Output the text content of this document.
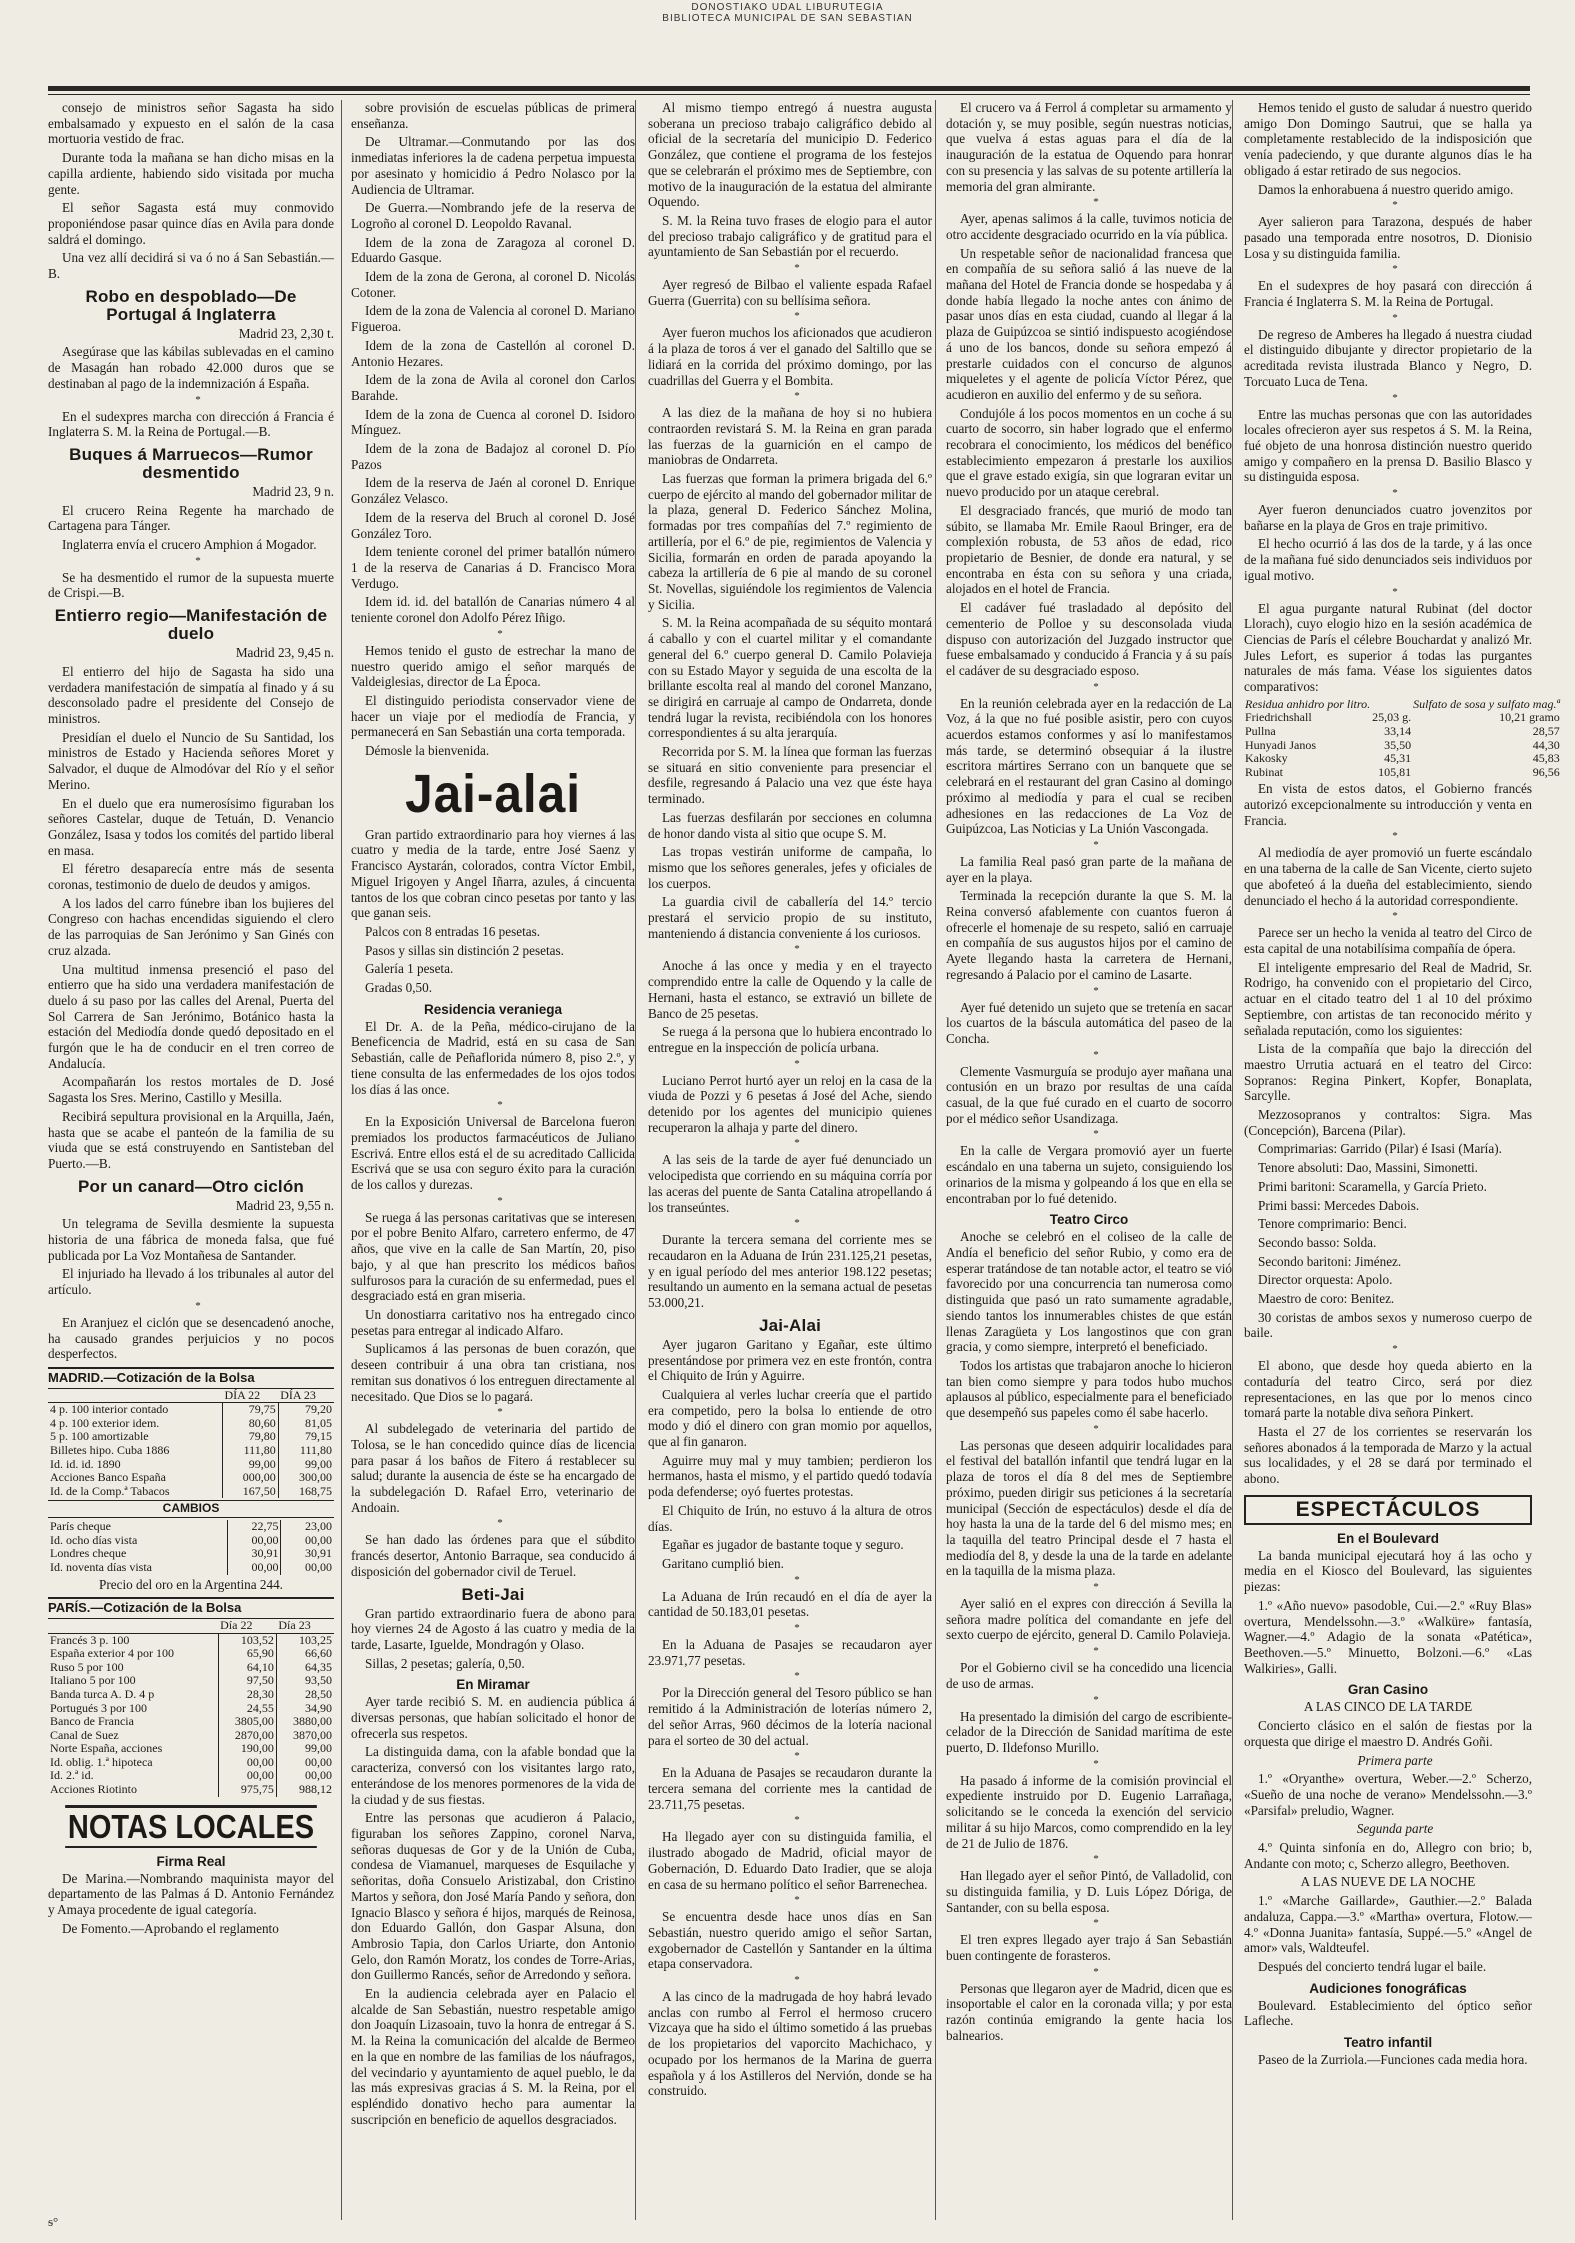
DONOSTIAKO UDAL LIBURUTEGIA
BIBLIOTECA MUNICIPAL DE SAN SEBASTIAN

consejo de ministros señor Sagasta ha sido embalsamado y expuesto en el salón de la casa mortuoria vestido de frac.

Durante toda la mañana se han dicho misas en la capilla ardiente, habiendo sido visitada por mucha gente.

El señor Sagasta está muy conmovido proponiéndose pasar quince días en Avila para donde saldrá el domingo.

Una vez allí decidirá si va ó no á San Sebastián.—B.

Robo en despoblado—De Portugal á Inglaterra

Madrid 23, 2,30 t.

Asegúrase que las kábilas sublevadas en el camino de Masagán han robado 42.000 duros que se destinaban al pago de la indemnización á España.

*

En el sudexpres marcha con dirección á Francia é Inglaterra S. M. la Reina de Portugal.—B.

Buques á Marruecos—Rumor desmentido

Madrid 23, 9 n.

El crucero Reina Regente ha marchado de Cartagena para Tánger.

Inglaterra envía el crucero Amphion á Mogador.

*

Se ha desmentido el rumor de la supuesta muerte de Crispi.—B.

Entierro regio—Manifestación de duelo

Madrid 23, 9,45 n.

El entierro del hijo de Sagasta ha sido una verdadera manifestación de simpatía al finado y á su desconsolado padre el presidente del Consejo de ministros.

Presidían el duelo el Nuncio de Su Santidad, los ministros de Estado y Hacienda señores Moret y Salvador, el duque de Almodóvar del Río y el señor Merino.

En el duelo que era numerosísimo figuraban los señores Castelar, duque de Tetuán, D. Venancio González, Isasa y todos los comités del partido liberal en masa.

El féretro desaparecía entre más de sesenta coronas, testimonio de duelo de deudos y amigos.

A los lados del carro fúnebre iban los bujieres del Congreso con hachas encendidas siguiendo el clero de las parroquias de San Jerónimo y San Ginés con cruz alzada.

Una multitud inmensa presenció el paso del entierro que ha sido una verdadera manifestación de duelo á su paso por las calles del Arenal, Puerta del Sol Carrera de San Jerónimo, Botánico hasta la estación del Mediodía donde quedó depositado en el furgón que le ha de conducir en el tren correo de Andalucía.

Acompañarán los restos mortales de D. José Sagasta los Sres. Merino, Castillo y Mesilla.

Recibirá sepultura provisional en la Arquilla, Jaén, hasta que se acabe el panteón de la familia de su viuda que se está construyendo en Santisteban del Puerto.—B.

Por un canard—Otro ciclón

Madrid 23, 9,55 n.

Un telegrama de Sevilla desmiente la supuesta historia de una fábrica de moneda falsa, que fué publicada por La Voz Montañesa de Santander.

El injuriado ha llevado á los tribunales al autor del artículo.

*

En Aranjuez el ciclón que se desencadenó anoche, ha causado grandes perjuicios y no pocos desperfectos.

MADRID.—Cotización de la Bolsa
	DÍA 22	DÍA 23
4 p. 100 interior contado	79,75	79,20
4 p. 100 exterior idem.	80,60	81,05
5 p. 100 amortizable	79,80	79,15
Billetes hipo. Cuba 1886	111,80	111,80
Id. id. id. 1890	99,00	99,00
Acciones Banco España	000,00	300,00
Id. de la Comp.ª Tabacos	167,50	168,75
CAMBIOS
París cheque	22,75	23,00
Id. ocho días vista	00,00	00,00
Londres cheque	30,91	30,91
Id. noventa días vista	00,00	00,00

Precio del oro en la Argentina 244.

PARÍS.—Cotización de la Bolsa
	Día 22	Día 23
Francés 3 p. 100	103,52	103,25
España exterior 4 por 100	65,90	66,60
Ruso 5 por 100	64,10	64,35
Italiano 5 por 100	97,50	93,50
Banda turca A. D. 4 p	28,30	28,50
Portugués 3 por 100	24,55	34,90
Banco de Francia	3805,00	3880,00
Canal de Suez	2870,00	3870,00
Norte España, acciones	190,00	99,00
Id. oblig. 1.ª hipoteca	00,00	00,00
Id. 2.ª id.	00,00	00,00
Acciones Riotinto	975,75	988,12
NOTAS LOCALES
Firma Real

De Marina.—Nombrando maquinista mayor del departamento de las Palmas á D. Antonio Fernández y Amaya procedente de igual categoría.

De Fomento.—Aprobando el reglamento

sobre provisión de escuelas públicas de primera enseñanza.

De Ultramar.—Conmutando por las dos inmediatas inferiores la de cadena perpetua impuesta por asesinato y homicidio á Pedro Nolasco por la Audiencia de Ultramar.

De Guerra.—Nombrando jefe de la reserva de Logroño al coronel D. Leopoldo Ravanal.

Idem de la zona de Zaragoza al coronel D. Eduardo Gasque.

Idem de la zona de Gerona, al coronel D. Nicolás Cotoner.

Idem de la zona de Valencia al coronel D. Mariano Figueroa.

Idem de la zona de Castellón al coronel D. Antonio Hezares.

Idem de la zona de Avila al coronel don Carlos Barahde.

Idem de la zona de Cuenca al coronel D. Isidoro Mínguez.

Idem de la zona de Badajoz al coronel D. Pío Pazos

Idem de la reserva de Jaén al coronel D. Enrique González Velasco.

Idem de la reserva del Bruch al coronel D. José González Toro.

Idem teniente coronel del primer batallón número 1 de la reserva de Canarias á D. Francisco Mora Verdugo.

Idem id. id. del batallón de Canarias número 4 al teniente coronel don Adolfo Pérez Iñigo.

*

Hemos tenido el gusto de estrechar la mano de nuestro querido amigo el señor marqués de Valdeiglesias, director de La Época.

El distinguido periodista conservador viene de hacer un viaje por el mediodía de Francia, y permanecerá en San Sebastián una corta temporada.

Démosle la bienvenida.

Jai-alai

Gran partido extraordinario para hoy viernes á las cuatro y media de la tarde, entre José Saenz y Francisco Aystarán, colorados, contra Víctor Embil, Miguel Irigoyen y Angel Iñarra, azules, á cincuenta tantos de los que cobran cinco pesetas por tanto y las que ganan seis.

Palcos con 8 entradas 16 pesetas.

Pasos y sillas sin distinción 2 pesetas.

Galería 1 peseta.

Gradas 0,50.

Residencia veraniega

El Dr. A. de la Peña, médico-cirujano de la Beneficencia de Madrid, está en su casa de San Sebastián, calle de Peñaflorida número 8, piso 2.º, y tiene consulta de las enfermedades de los ojos todos los días á las once.

*

En la Exposición Universal de Barcelona fueron premiados los productos farmacéuticos de Juliano Escrivá. Entre ellos está el de su acreditado Callicida Escrivá que se usa con seguro éxito para la curación de los callos y durezas.

*

Se ruega á las personas caritativas que se interesen por el pobre Benito Alfaro, carretero enfermo, de 47 años, que vive en la calle de San Martín, 20, piso bajo, y al que han prescrito los médicos baños sulfurosos para la curación de su enfermedad, pues el desgraciado está en gran miseria.

Un donostiarra caritativo nos ha entregado cinco pesetas para entregar al indicado Alfaro.

Suplicamos á las personas de buen corazón, que deseen contribuir á una obra tan cristiana, nos remitan sus donativos ó los entreguen directamente al necesitado. Que Dios se lo pagará.

*

Al subdelegado de veterinaria del partido de Tolosa, se le han concedido quince días de licencia para pasar á los baños de Fitero á restablecer su salud; durante la ausencia de éste se ha encargado de la subdelegación D. Rafael Erro, veterinario de Andoain.

*

Se han dado las órdenes para que el súbdito francés desertor, Antonio Barraque, sea conducido á disposición del gobernador civil de Teruel.

Beti-Jai

Gran partido extraordinario fuera de abono para hoy viernes 24 de Agosto á las cuatro y media de la tarde, Lasarte, Iguelde, Mondragón y Olaso.

Sillas, 2 pesetas; galería, 0,50.

En Miramar

Ayer tarde recibió S. M. en audiencia pública á diversas personas, que habían solicitado el honor de ofrecerla sus respetos.

La distinguida dama, con la afable bondad que la caracteriza, conversó con los visitantes largo rato, enterándose de los menores pormenores de la vida de la ciudad y de sus fiestas.

Entre las personas que acudieron á Palacio, figuraban los señores Zappino, coronel Narva, señoras duquesas de Gor y de la Unión de Cuba, condesa de Viamanuel, marqueses de Esquilache y señoritas, doña Consuelo Aristizabal, don Cristino Martos y señora, don José María Pando y señora, don Ignacio Blasco y señora é hijos, marqués de Reinosa, don Eduardo Gallón, don Gaspar Alsuna, don Ambrosio Tapia, don Carlos Uriarte, don Antonio Gelo, don Ramón Moratz, los condes de Torre-Arias, don Guillermo Rancés, señor de Arredondo y señora.

En la audiencia celebrada ayer en Palacio el alcalde de San Sebastián, nuestro respetable amigo don Joaquín Lizasoain, tuvo la honra de entregar á S. M. la Reina la comunicación del alcalde de Bermeo en la que en nombre de las familias de los náufragos, del vecindario y ayuntamiento de aquel pueblo, le da las más expresivas gracias á S. M. la Reina, por el espléndido donativo hecho para aumentar la suscripción en beneficio de aquellos desgraciados.

Al mismo tiempo entregó á nuestra augusta soberana un precioso trabajo caligráfico debido al oficial de la secretaría del municipio D. Federico González, que contiene el programa de los festejos que se celebrarán el próximo mes de Septiembre, con motivo de la inauguración de la estatua del almirante Oquendo.

S. M. la Reina tuvo frases de elogio para el autor del precioso trabajo caligráfico y de gratitud para el ayuntamiento de San Sebastián por el recuerdo.

*

Ayer regresó de Bilbao el valiente espada Rafael Guerra (Guerrita) con su bellísima señora.

*

Ayer fueron muchos los aficionados que acudieron á la plaza de toros á ver el ganado del Saltillo que se lidiará en la corrida del próximo domingo, por las cuadrillas del Guerra y el Bombita.

*

A las diez de la mañana de hoy si no hubiera contraorden revistará S. M. la Reina en gran parada las fuerzas de la guarnición en el campo de maniobras de Ondarreta.

Las fuerzas que forman la primera brigada del 6.º cuerpo de ejército al mando del gobernador militar de la plaza, general D. Federico Sánchez Molina, formadas por tres compañías del 7.º regimiento de artillería, por el 6.º de pie, regimientos de Valencia y Sicilia, formarán en orden de parada apoyando la cabeza la artillería de 6 pie al mando de su coronel St. Novellas, siguiéndole los regimientos de Valencia y Sicilia.

S. M. la Reina acompañada de su séquito montará á caballo y con el cuartel militar y el comandante general del 6.º cuerpo general D. Camilo Polavieja con su Estado Mayor y seguida de una escolta de la brillante escolta real al mando del coronel Manzano, se dirigirá en carruaje al campo de Ondarreta, donde tendrá lugar la revista, recibiéndola con los honores correspondientes á su alta jerarquía.

Recorrida por S. M. la línea que forman las fuerzas se situará en sitio conveniente para presenciar el desfile, regresando á Palacio una vez que éste haya terminado.

Las fuerzas desfilarán por secciones en columna de honor dando vista al sitio que ocupe S. M.

Las tropas vestirán uniforme de campaña, lo mismo que los señores generales, jefes y oficiales de los cuerpos.

La guardia civil de caballería del 14.º tercio prestará el servicio propio de su instituto, manteniendo á distancia conveniente á los curiosos.

*

Anoche á las once y media y en el trayecto comprendido entre la calle de Oquendo y la calle de Hernani, hasta el estanco, se extravió un billete de Banco de 25 pesetas.

Se ruega á la persona que lo hubiera encontrado lo entregue en la inspección de policía urbana.

*

Luciano Perrot hurtó ayer un reloj en la casa de la viuda de Pozzi y 6 pesetas á José del Ache, siendo detenido por los agentes del municipio quienes recuperaron la alhaja y parte del dinero.

*

A las seis de la tarde de ayer fué denunciado un velocipedista que corriendo en su máquina corría por las aceras del puente de Santa Catalina atropellando á los transeúntes.

*

Durante la tercera semana del corriente mes se recaudaron en la Aduana de Irún 231.125,21 pesetas, y en igual período del mes anterior 198.122 pesetas; resultando un aumento en la semana actual de pesetas 53.000,21.

Jai-Alai

Ayer jugaron Garitano y Egañar, este último presentándose por primera vez en este frontón, contra el Chiquito de Irún y Aguirre.

Cualquiera al verles luchar creería que el partido era competido, pero la bolsa lo entiende de otro modo y dió el dinero con gran momio por aquellos, que al fin ganaron.

Aguirre muy mal y muy tambien; perdieron los hermanos, hasta el mismo, y el partido quedó todavía poda defenderse; oyó fuertes protestas.

El Chiquito de Irún, no estuvo á la altura de otros días.

Egañar es jugador de bastante toque y seguro.

Garitano cumplió bien.

*

La Aduana de Irún recaudó en el día de ayer la cantidad de 50.183,01 pesetas.

*

En la Aduana de Pasajes se recaudaron ayer 23.971,77 pesetas.

*

Por la Dirección general del Tesoro público se han remitido á la Administración de loterías número 2, del señor Arras, 960 décimos de la lotería nacional para el sorteo de 30 del actual.

*

En la Aduana de Pasajes se recaudaron durante la tercera semana del corriente mes la cantidad de 23.711,75 pesetas.

*

Ha llegado ayer con su distinguida familia, el ilustrado abogado de Madrid, oficial mayor de Gobernación, D. Eduardo Dato Iradier, que se aloja en casa de su hermano político el señor Barrenechea.

*

Se encuentra desde hace unos días en San Sebastián, nuestro querido amigo el señor Sartan, exgobernador de Castellón y Santander en la última etapa conservadora.

*

A las cinco de la madrugada de hoy habrá levado anclas con rumbo al Ferrol el hermoso crucero Vizcaya que ha sido el último sometido á las pruebas de los propietarios del vaporcito Machichaco, y ocupado por los hermanos de la Marina de guerra española y á los Astilleros del Nervión, donde se ha construido.

El crucero va á Ferrol á completar su armamento y dotación y, se muy posible, según nuestras noticias, que vuelva á estas aguas para el día de la inauguración de la estatua de Oquendo para honrar con su presencia y las salvas de su potente artillería la memoria del gran almirante.

*

Ayer, apenas salimos á la calle, tuvimos noticia de otro accidente desgraciado ocurrido en la vía pública.

Un respetable señor de nacionalidad francesa que en compañía de su señora salió á las nueve de la mañana del Hotel de Francia donde se hospedaba y á donde había llegado la noche antes con ánimo de pasar unos días en esta ciudad, cuando al llegar á la plaza de Guipúzcoa se sintió indispuesto acogiéndose á uno de los bancos, donde su señora empezó á prestarle cuidados con el concurso de algunos miqueletes y el agente de policía Víctor Pérez, que acudieron en auxilio del enfermo y de su señora.

Condujóle á los pocos momentos en un coche á su cuarto de socorro, sin haber logrado que el enfermo recobrara el conocimiento, los médicos del benéfico establecimiento empezaron á prestarle los auxilios que el grave estado exigía, sin que lograran evitar un nuevo producido por un ataque cerebral.

El desgraciado francés, que murió de modo tan súbito, se llamaba Mr. Emile Raoul Bringer, era de complexión robusta, de 53 años de edad, rico propietario de Besnier, de donde era natural, y se encontraba en ésta con su señora y una criada, alojados en el hotel de Francia.

El cadáver fué trasladado al depósito del cementerio de Polloe y su desconsolada viuda dispuso con autorización del Juzgado instructor que fuese embalsamado y conducido á Francia y á su país el cadáver de su desgraciado esposo.

*

En la reunión celebrada ayer en la redacción de La Voz, á la que no fué posible asistir, pero con cuyos acuerdos estamos conformes y así lo manifestamos más tarde, se determinó obsequiar á la ilustre escritora mártires Serrano con un banquete que se celebrará en el restaurant del gran Casino al domingo próximo al mediodía y para el cual se reciben adhesiones en las redacciones de La Voz de Guipúzcoa, Las Noticias y La Unión Vascongada.

*

La familia Real pasó gran parte de la mañana de ayer en la playa.

Terminada la recepción durante la que S. M. la Reina conversó afablemente con cuantos fueron á ofrecerle el homenaje de su respeto, salió en carruaje en compañía de sus augustos hijos por el camino de Ayete llegando hasta la carretera de Hernani, regresando á Palacio por el camino de Lasarte.

*

Ayer fué detenido un sujeto que se tretenía en sacar los cuartos de la báscula automática del paseo de la Concha.

*

Clemente Vasmurguía se produjo ayer mañana una contusión en un brazo por resultas de una caída casual, de la que fué curado en el cuarto de socorro por el médico señor Usandizaga.

*

En la calle de Vergara promovió ayer un fuerte escándalo en una taberna un sujeto, consiguiendo los orinarios de la misma y golpeando á los que en ella se encontraban por lo fué detenido.

Teatro Circo

Anoche se celebró en el coliseo de la calle de Andía el beneficio del señor Rubio, y como era de esperar tratándose de tan notable actor, el teatro se vió favorecido por una concurrencia tan numerosa como distinguida que pasó un rato sumamente agradable, siendo tantos los innumerables chistes de que están llenas Zaragüeta y Los langostinos que con gran gracia, y como siempre, interpretó el beneficiado.

Todos los artistas que trabajaron anoche lo hicieron tan bien como siempre y para todos hubo muchos aplausos al público, especialmente para el beneficiado que desempeñó sus papeles como él sabe hacerlo.

*

Las personas que deseen adquirir localidades para el festival del batallón infantil que tendrá lugar en la plaza de toros el día 8 del mes de Septiembre próximo, pueden dirigir sus peticiones á la secretaría municipal (Sección de espectáculos) desde el día de hoy hasta la una de la tarde del 6 del mismo mes; en la taquilla del teatro Principal desde el 7 hasta el mediodía del 8, y desde la una de la tarde en adelante en la taquilla de la misma plaza.

*

Ayer salió en el expres con dirección á Sevilla la señora madre política del comandante en jefe del sexto cuerpo de ejército, general D. Camilo Polavieja.

*

Por el Gobierno civil se ha concedido una licencia de uso de armas.

*

Ha presentado la dimisión del cargo de escribiente-celador de la Dirección de Sanidad marítima de este puerto, D. Ildefonso Murillo.

*

Ha pasado á informe de la comisión provincial el expediente instruido por D. Eugenio Larrañaga, solicitando se le conceda la exención del servicio militar á su hijo Marcos, como comprendido en la ley de 21 de Julio de 1876.

*

Han llegado ayer el señor Pintó, de Valladolid, con su distinguida familia, y D. Luis López Dóriga, de Santander, con su bella esposa.

*

El tren expres llegado ayer trajo á San Sebastián buen contingente de forasteros.

*

Personas que llegaron ayer de Madrid, dicen que es insoportable el calor en la coronada villa; y por esta razón continúa emigrando la gente hacia los balnearios.

Hemos tenido el gusto de saludar á nuestro querido amigo Don Domingo Sautrui, que se halla ya completamente restablecido de la indisposición que venía padeciendo, y que durante algunos días le ha obligado á estar retirado de sus negocios.

Damos la enhorabuena á nuestro querido amigo.

*

Ayer salieron para Tarazona, después de haber pasado una temporada entre nosotros, D. Dionisio Losa y su distinguida familia.

*

En el sudexpres de hoy pasará con dirección á Francia é Inglaterra S. M. la Reina de Portugal.

*

De regreso de Amberes ha llegado á nuestra ciudad el distinguido dibujante y director propietario de la acreditada revista ilustrada Blanco y Negro, D. Torcuato Luca de Tena.

*

Entre las muchas personas que con las autoridades locales ofrecieron ayer sus respetos á S. M. la Reina, fué objeto de una honrosa distinción nuestro querido amigo y compañero en la prensa D. Basilio Blasco y su distinguida esposa.

*

Ayer fueron denunciados cuatro jovenzitos por bañarse en la playa de Gros en traje primitivo.

El hecho ocurrió á las dos de la tarde, y á las once de la mañana fué sido denunciados seis individuos por igual motivo.

*

El agua purgante natural Rubinat (del doctor Llorach), cuyo elogio hizo en la sesión académica de Ciencias de París el célebre Bouchardat y analizó Mr. Jules Lefort, es superior á todas las purgantes naturales de más fama. Véase los siguientes datos comparativos:

Residua anhidro por litro.		Sulfato de sosa y sulfato mag.ª
Friedrichshall	25,03 g.	10,21 gramo
Pullna	33,14	28,57
Hunyadi Janos	35,50	44,30
Kakosky	45,31	45,83
Rubinat	105,81	96,56

En vista de estos datos, el Gobierno francés autorizó excepcionalmente su introducción y venta en Francia.

*

Al mediodía de ayer promovió un fuerte escándalo en una taberna de la calle de San Vicente, cierto sujeto que abofeteó á la dueña del establecimiento, siendo denunciado el hecho á la autoridad correspondiente.

*

Parece ser un hecho la venida al teatro del Circo de esta capital de una notabilísima compañía de ópera.

El inteligente empresario del Real de Madrid, Sr. Rodrigo, ha convenido con el propietario del Circo, actuar en el citado teatro del 1 al 10 del próximo Septiembre, con artistas de tan reconocido mérito y señalada reputación, como los siguientes:

Lista de la compañía que bajo la dirección del maestro Urrutia actuará en el teatro del Circo: Sopranos: Regina Pinkert, Kopfer, Bonaplata, Sarcylle.

Mezzosopranos y contraltos: Sigra. Mas (Concepción), Barcena (Pilar).

Comprimarias: Garrido (Pilar) é Isasi (María).

Tenore absoluti: Dao, Massini, Simonetti.

Primi baritoni: Scaramella, y García Prieto.

Primi bassi: Mercedes Dabois.

Tenore comprimario: Benci.

Secondo basso: Solda.

Secondo baritoni: Jiménez.

Director orquesta: Apolo.

Maestro de coro: Benitez.

30 coristas de ambos sexos y numeroso cuerpo de baile.

*

El abono, que desde hoy queda abierto en la contaduría del teatro Circo, será por diez representaciones, en las que por lo menos cinco tomará parte la notable diva señora Pinkert.

Hasta el 27 de los corrientes se reservarán los señores abonados á la temporada de Marzo y la actual sus localidades, y el 28 se dará por terminado el abono.

ESPECTÁCULOS
En el Boulevard

La banda municipal ejecutará hoy á las ocho y media en el Kiosco del Boulevard, las siguientes piezas:

1.º «Año nuevo» pasodoble, Cui.—2.º «Ruy Blas» overtura, Mendelssohn.—3.º «Walküre» fantasía, Wagner.—4.º Adagio de la sonata «Patética», Beethoven.—5.º Minuetto, Bolzoni.—6.º «Las Walkiries», Galli.

Gran Casino

A LAS CINCO DE LA TARDE

Concierto clásico en el salón de fiestas por la orquesta que dirige el maestro D. Andrés Goñi.

Primera parte

1.º «Oryanthe» overtura, Weber.—2.º Scherzo, «Sueño de una noche de verano» Mendelssohn.—3.º «Parsifal» preludio, Wagner.

Segunda parte

4.º Quinta sinfonía en do, Allegro con brio; b, Andante con moto; c, Scherzo allegro, Beethoven.

A LAS NUEVE DE LA NOCHE

1.º «Marche Gaillarde», Gauthier.—2.º Balada andaluza, Cappa.—3.º «Martha» overtura, Flotow.—4.º «Donna Juanita» fantasía, Suppé.—5.º «Angel de amor» vals, Waldteufel.

Después del concierto tendrá lugar el baile.

Audiciones fonográficas

Boulevard. Establecimiento del óptico señor Lafleche.

Teatro infantil

Paseo de la Zurriola.—Funciones cada media hora.

ᵴ°
